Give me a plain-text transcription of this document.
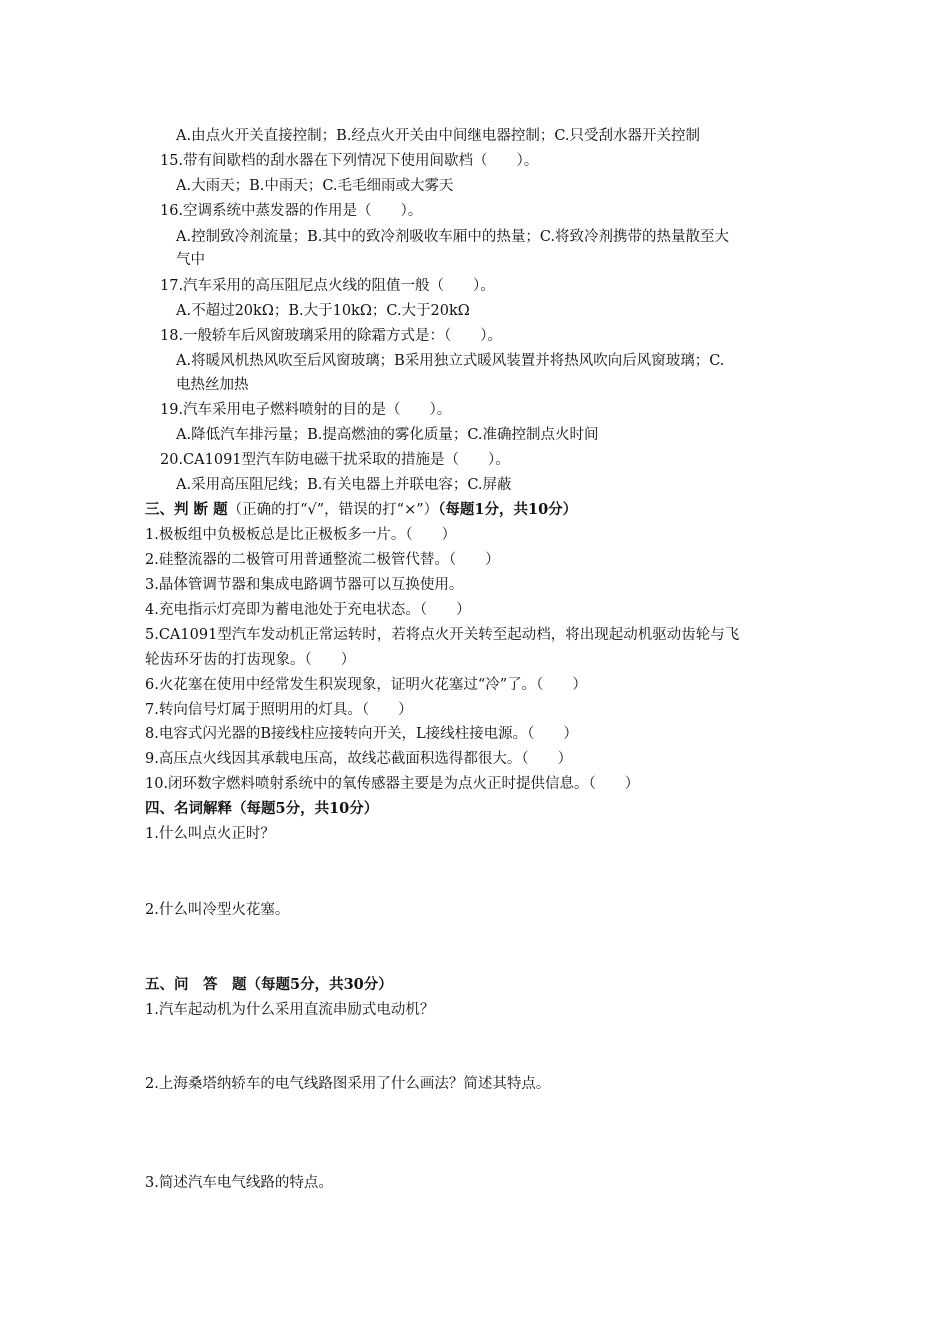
A.由点火开关直接控制；B.经点火开关由中间继电器控制；C.只受刮水器开关控制
15.带有间歇档的刮水器在下列情况下使用间歇档（　　）。
A.大雨天；B.中雨天；C.毛毛细雨或大雾天
16.空调系统中蒸发器的作用是（　　）。
A.控制致冷剂流量；B.其中的致冷剂吸收车厢中的热量；C.将致冷剂携带的热量散至大
气中
17.汽车采用的高压阻尼点火线的阻值一般（　　）。
A.不超过20kΩ；B.大于10kΩ；C.大于20kΩ
18.一般轿车后风窗玻璃采用的除霜方式是：（　　）。
A.将暖风机热风吹至后风窗玻璃；B采用独立式暖风装置并将热风吹向后风窗玻璃；C.
电热丝加热
19.汽车采用电子燃料喷射的目的是（　　）。
A.降低汽车排污量；B.提高燃油的雾化质量；C.准确控制点火时间
20.CA1091型汽车防电磁干扰采取的措施是（　　）。
A.采用高压阻尼线；B.有关电器上并联电容；C.屏蔽
三、判 断 题（正确的打“√”，错误的打“×”）（每题1分，共10分）
1.极板组中负极板总是比正极板多一片。（　　）
2.硅整流器的二极管可用普通整流二极管代替。（　　）
3.晶体管调节器和集成电路调节器可以互换使用。
4.充电指示灯亮即为蓄电池处于充电状态。（　　）
5.CA1091型汽车发动机正常运转时，若将点火开关转至起动档，将出现起动机驱动齿轮与飞
轮齿环牙齿的打齿现象。（　　）
6.火花塞在使用中经常发生积炭现象，证明火花塞过“冷”了。（　　）
7.转向信号灯属于照明用的灯具。（　　）
8.电容式闪光器的B接线柱应接转向开关，L接线柱接电源。（　　）
9.高压点火线因其承载电压高，故线芯截面积选得都很大。（　　）
10.闭环数字燃料喷射系统中的氧传感器主要是为点火正时提供信息。（　　）
四、名词解释（每题5分，共10分）
1.什么叫点火正时？
2.什么叫冷型火花塞。
五、问　答　题（每题5分，共30分）
1.汽车起动机为什么采用直流串励式电动机？
2.上海桑塔纳轿车的电气线路图采用了什么画法？简述其特点。
3.简述汽车电气线路的特点。
